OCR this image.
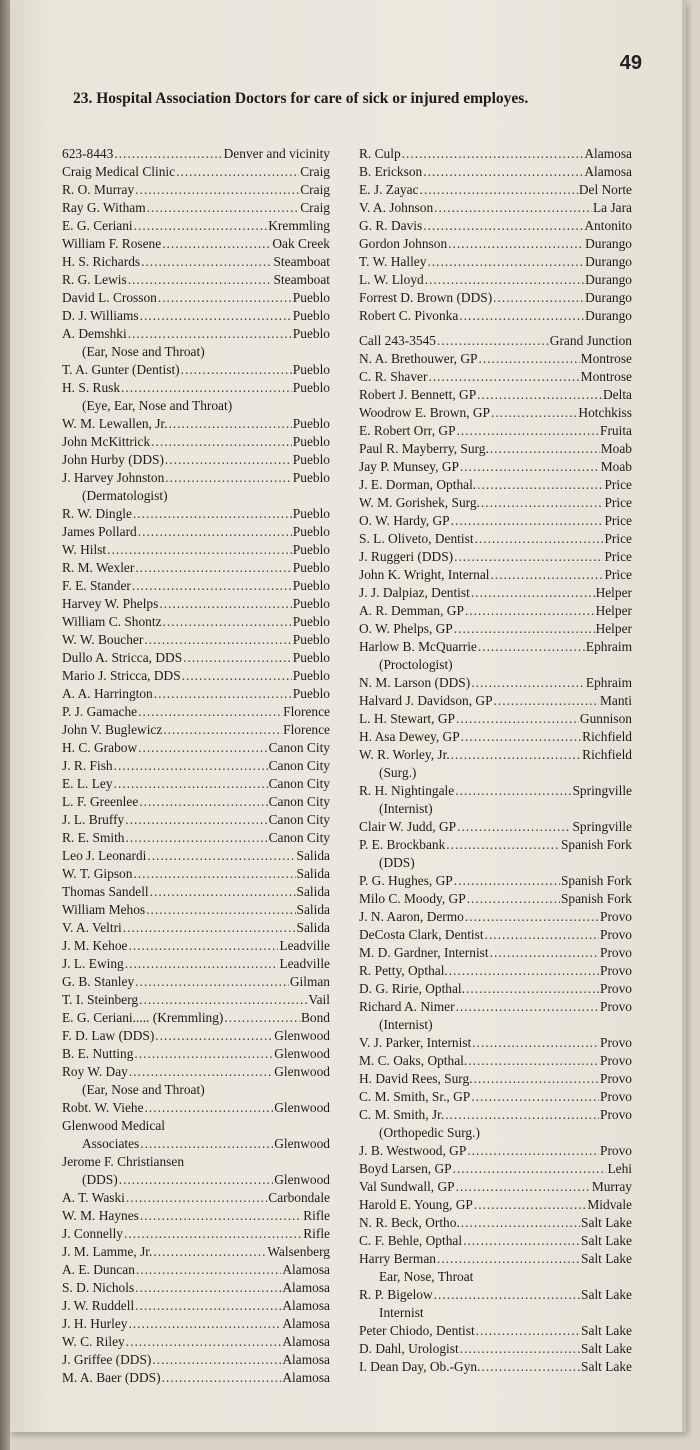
49
23. Hospital Association Doctors for care of sick or injured employes.
623-8443 .....	Denver and vicinity
Craig Medical Clinic .....	Craig
R. O. Murray .....	Craig
Ray G. Witham .....	Craig
E. G. Ceriani .....	Kremmling
William F. Rosene .....	Oak Creek
H. S. Richards .....	Steamboat
R. G. Lewis .....	Steamboat
David L. Crosson .....	Pueblo
D. J. Williams .....	Pueblo
A. Demshki .....	Pueblo
(Ear, Nose and Throat)
T. A. Gunter (Dentist) .....	Pueblo
H. S. Rusk .....	Pueblo
(Eye, Ear, Nose and Throat)
W. M. Lewallen, Jr. .....	Pueblo
John McKittrick .....	Pueblo
John Hurby (DDS) .....	Pueblo
J. Harvey Johnston .....	Pueblo
(Dermatologist)
R. W. Dingle .....	Pueblo
James Pollard .....	Pueblo
W. Hilst .....	Pueblo
R. M. Wexler .....	Pueblo
F. E. Stander .....	Pueblo
Harvey W. Phelps .....	Pueblo
William C. Shontz .....	Pueblo
W. W. Boucher .....	Pueblo
Dullo A. Stricca, DDS .....	Pueblo
Mario J. Stricca, DDS .....	Pueblo
A. A. Harrington .....	Pueblo
P. J. Gamache .....	Florence
John V. Buglewicz .....	Florence
H. C. Grabow .....	Canon City
J. R. Fish .....	Canon City
E. L. Ley .....	Canon City
L. F. Greenlee .....	Canon City
J. L. Bruffy .....	Canon City
R. E. Smith .....	Canon City
Leo J. Leonardi .....	Salida
W. T. Gipson .....	Salida
Thomas Sandell .....	Salida
William Mehos .....	Salida
V. A. Veltri .....	Salida
J. M. Kehoe .....	Leadville
J. L. Ewing .....	Leadville
G. B. Stanley .....	Gilman
T. I. Steinberg .....	Vail
E. G. Ceriani..... (Kremmling) .....	Bond
F. D. Law (DDS) .....	Glenwood
B. E. Nutting .....	Glenwood
Roy W. Day .....	Glenwood
(Ear, Nose and Throat)
Robt. W. Viehe .....	Glenwood
Glenwood Medical
Associates .....	Glenwood
Jerome F. Christiansen
(DDS) .....	Glenwood
A. T. Waski .....	Carbondale
W. M. Haynes .....	Rifle
J. Connelly .....	Rifle
J. M. Lamme, Jr. .....	Walsenberg
A. E. Duncan .....	Alamosa
S. D. Nichols .....	Alamosa
J. W. Ruddell .....	Alamosa
J. H. Hurley .....	Alamosa
W. C. Riley .....	Alamosa
J. Griffee (DDS) .....	Alamosa
M. A. Baer (DDS) .....	Alamosa
R. Culp .....	Alamosa
B. Erickson .....	Alamosa
E. J. Zayac .....	Del Norte
V. A. Johnson .....	La Jara
G. R. Davis .....	Antonito
Gordon Johnson .....	Durango
T. W. Halley .....	Durango
L. W. Lloyd .....	Durango
Forrest D. Brown (DDS) .....	Durango
Robert C. Pivonka .....	Durango
Call 243-3545 .....	Grand Junction
N. A. Brethouwer, GP .....	Montrose
C. R. Shaver .....	Montrose
Robert J. Bennett, GP .....	Delta
Woodrow E. Brown, GP .....	Hotchkiss
E. Robert Orr, GP .....	Fruita
Paul R. Mayberry, Surg. .....	Moab
Jay P. Munsey, GP .....	Moab
J. E. Dorman, Opthal. .....	Price
W. M. Gorishek, Surg. .....	Price
O. W. Hardy, GP .....	Price
S. L. Oliveto, Dentist .....	Price
J. Ruggeri (DDS) .....	Price
John K. Wright, Internal .....	Price
J. J. Dalpiaz, Dentist .....	Helper
A. R. Demman, GP .....	Helper
O. W. Phelps, GP .....	Helper
Harlow B. McQuarrie .....	Ephraim
(Proctologist)
N. M. Larson (DDS) .....	Ephraim
Halvard J. Davidson, GP .....	Manti
L. H. Stewart, GP .....	Gunnison
H. Asa Dewey, GP .....	Richfield
W. R. Worley, Jr. .....	Richfield
(Surg.)
R. H. Nightingale .....	Springville
(Internist)
Clair W. Judd, GP .....	Springville
P. E. Brockbank .....	Spanish Fork
(DDS)
P. G. Hughes, GP .....	Spanish Fork
Milo C. Moody, GP .....	Spanish Fork
J. N. Aaron, Dermo .....	Provo
DeCosta Clark, Dentist .....	Provo
M. D. Gardner, Internist .....	Provo
R. Petty, Opthal. .....	Provo
D. G. Ririe, Opthal. .....	Provo
Richard A. Nimer .....	Provo
(Internist)
V. J. Parker, Internist .....	Provo
M. C. Oaks, Opthal. .....	Provo
H. David Rees, Surg. .....	Provo
C. M. Smith, Sr., GP .....	Provo
C. M. Smith, Jr. .....	Provo
(Orthopedic Surg.)
J. B. Westwood, GP .....	Provo
Boyd Larsen, GP .....	Lehi
Val Sundwall, GP .....	Murray
Harold E. Young, GP .....	Midvale
N. R. Beck, Ortho. .....	Salt Lake
C. F. Behle, Opthal .....	Salt Lake
Harry Berman .....	Salt Lake
Ear, Nose, Throat
R. P. Bigelow .....	Salt Lake
Internist
Peter Chiodo, Dentist .....	Salt Lake
D. Dahl, Urologist .....	Salt Lake
I. Dean Day, Ob.-Gyn. .....	Salt Lake
